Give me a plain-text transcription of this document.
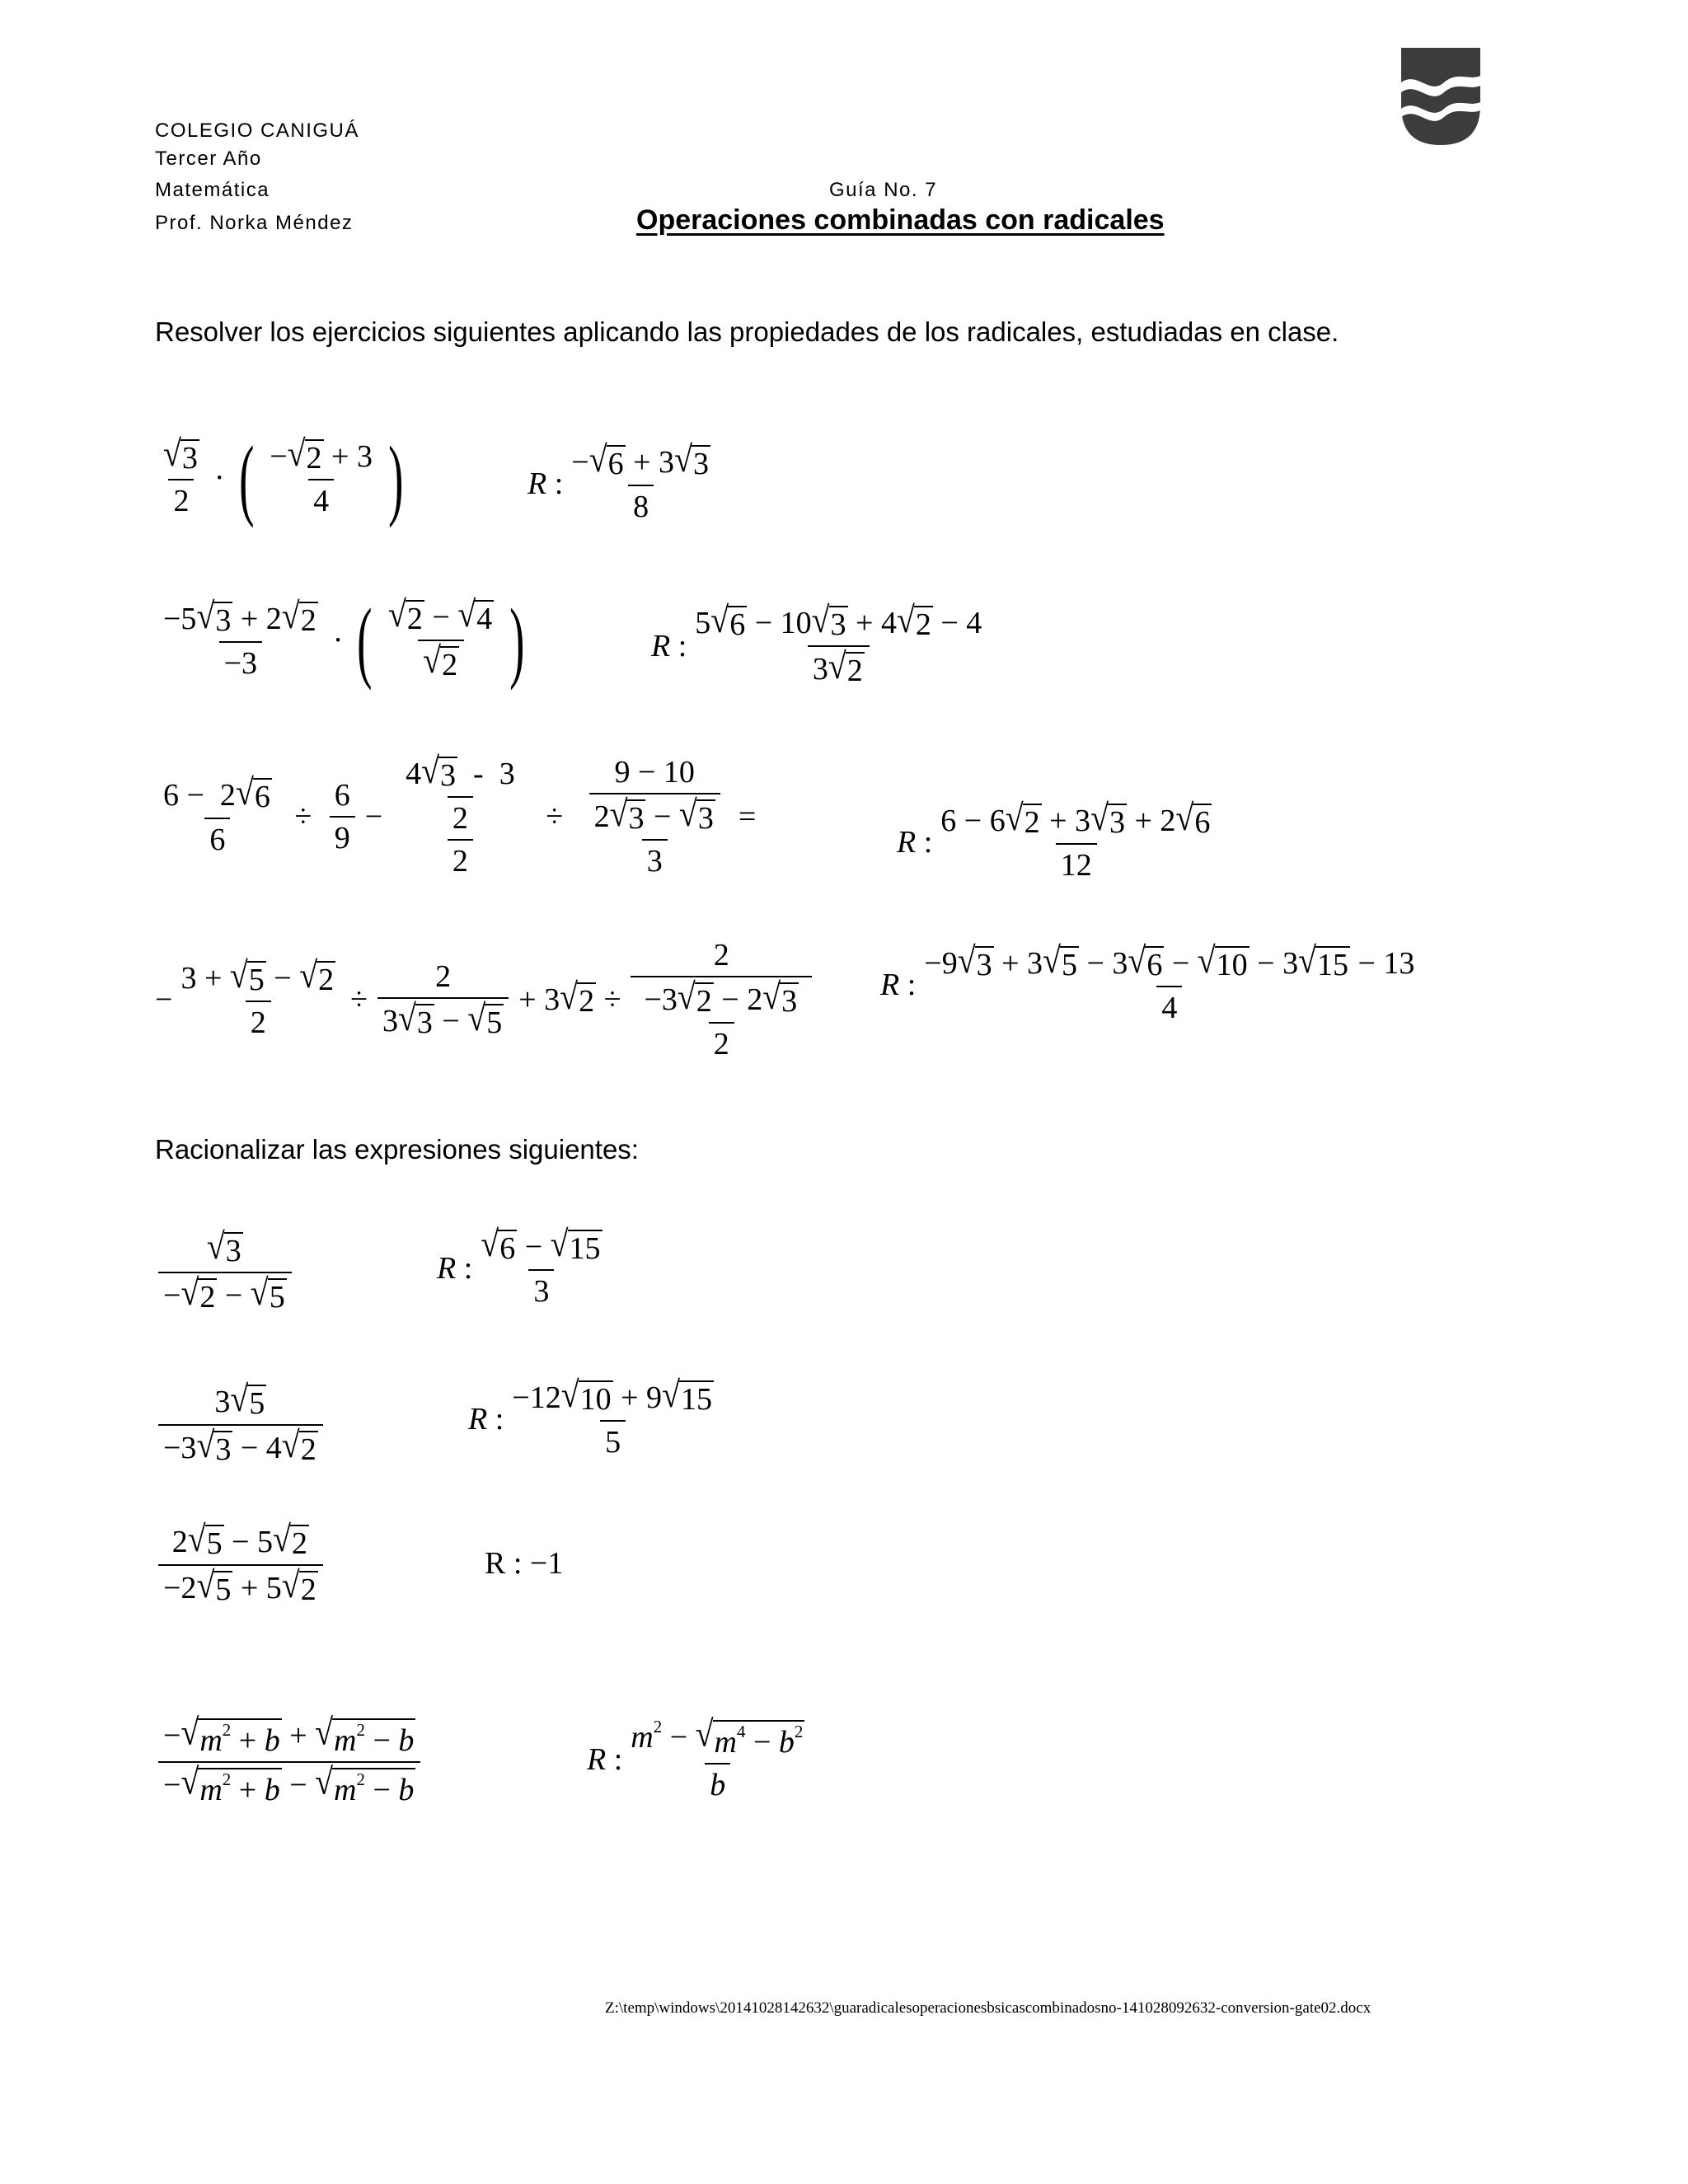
COLEGIO CANIGUÁ
Tercer Año
Matemática
Prof. Norka Méndez
Guía No. 7
Operaciones combinadas con radicales
Resolver los ejercicios siguientes aplicando las propiedades de los radicales, estudiadas en clase.
$\frac{√ 3}{2}$ · ( $\frac{- √ 2 + 3}{4}$ )	R : $\frac{- √ 6 + 3 √ 3}{8}$
$\frac{-5 √ 3 + 2 √ 2}{-3}$ · ( $\frac{√ 2 - √ 4}{√ 2}$ )	R : $\frac{5 √ 6 - 10 √ 3 + 4 √ 2 - 4}{3 √ 2}$
$\frac{6 - 2 √ 6}{6} \div \frac{6}{9} - \frac{\frac{4 √ 3 - 3}{2}}{2} \div \frac{\frac{9 - 10}{2 √ 3 - √ 3}}{3}$ =
R : $\frac{6 - 6 √ 2 + 3 √ 3 + 2 √ 6}{12}$
− $\frac{3 + √ 5 - √ 2}{2} \div \frac{2}{3 √ 3 - √ 5} + 3$ √ $2 \div \frac{2}{\frac{-3 √ 2 - 2 √ 3}{2}}$ R : $\frac{-9 √ 3 + 3 √ 5 - 3 √ 6 - √ 10 - 3 √ 15 - 13}{4}$
Racionalizar las expresiones siguientes:
$\frac{√ 3}{- √ 2 - √ 5}$	R : $\frac{√ 6 - √ 15}{3}$
$\frac{3 √ 5}{-3 √ 3 - 4 √ 2}$	R : $\frac{-12 √ 10 + 9 √ 15}{5}$
$\frac{2 √ 5 - 5 √ 2}{-2 √ 5 + 5 √ 2}$	R : −1
$\frac{- √ m^2 + b + √ m^2 - b}{- √ m^2 + b - √ m^2 - b}$	R : $\frac{m^2 - √ m^4 - b^2}{b}$
Z:\temp\windows\20141028142632\guaradicalesoperacionesbsicascombinadosno-141028092632-conversion-gate02.docx
